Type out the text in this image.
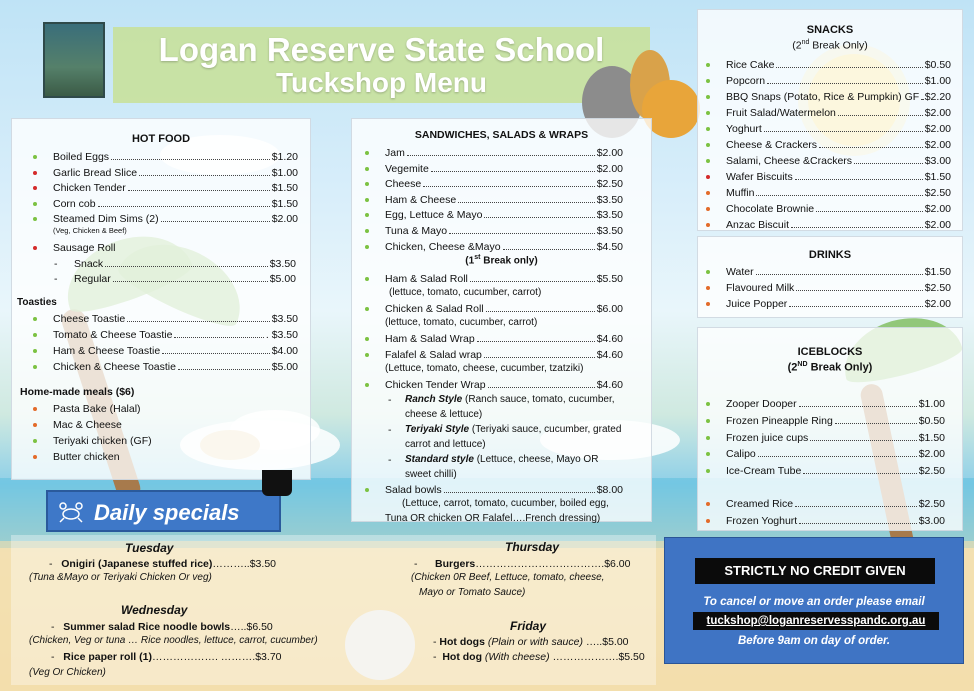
Logan Reserve State School
Tuckshop Menu
HOT FOOD
Boiled Eggs	$1.20
Garlic Bread Slice	$1.00
Chicken Tender	$1.50
Corn cob	$1.50
Steamed Dim Sims (2)	$2.00
(Veg, Chicken & Beef)
Sausage Roll
- Snack	$3.50
- Regular	$5.00
Toasties
Cheese Toastie	$3.50
Tomato & Cheese Toastie	. $3.50
Ham & Cheese Toastie	$4.00
Chicken & Cheese Toastie	$5.00
Home-made meals ($6)
Pasta Bake (Halal)
Mac & Cheese
Teriyaki chicken (GF)
Butter chicken
SANDWICHES, SALADS & WRAPS
Jam	$2.00
Vegemite	$2.00
Cheese	$2.50
Ham & Cheese	$3.50
Egg, Lettuce & Mayo	$3.50
Tuna & Mayo	$3.50
Chicken, Cheese &Mayo	$4.50
(1st Break only)
Ham & Salad Roll	$5.50
(lettuce, tomato, cucumber, carrot)
Chicken & Salad Roll	$6.00
(lettuce, tomato, cucumber, carrot)
Ham & Salad Wrap	$4.60
Falafel & Salad wrap	$4.60
(Lettuce, tomato, cheese, cucumber, tzatziki)
Chicken Tender Wrap	$4.60
- Ranch Style (Ranch sauce, tomato, cucumber,
cheese & lettuce)
- Teriyaki Style (Teriyaki sauce, cucumber, grated
carrot and lettuce)
- Standard style (Lettuce, cheese, Mayo OR
sweet chilli)
Salad bowls	$8.00
(Lettuce, carrot, tomato, cucumber, boiled egg,
Tuna OR chicken OR Falafel….French dressing)
SNACKS
(2nd Break Only)
Rice Cake	$0.50
Popcorn	$1.00
BBQ Snaps (Potato, Rice & Pumpkin) GF $2.20
Fruit Salad/Watermelon	$2.00
Yoghurt	$2.00
Cheese & Crackers	$2.00
Salami, Cheese &Crackers	$3.00
Wafer Biscuits	$1.50
Muffin	$2.50
Chocolate Brownie	$2.00
Anzac Biscuit	$2.00
DRINKS
Water	$1.50
Flavoured Milk	$2.50
Juice Popper	$2.00
ICEBLOCKS
(2ND Break Only)
Zooper Dooper	$1.00
Frozen Pineapple Ring	$0.50
Frozen juice cups	$1.50
Calipo	$2.00
Ice-Cream Tube	$2.50
Creamed Rice	$2.50
Frozen Yoghurt	$3.00
Daily specials
Tuesday
-   Onigiri (Japanese stuffed rice)………..$3.50
(Tuna &Mayo or Teriyaki Chicken Or veg)
Wednesday
-   Summer salad Rice noodle bowls…..$6.50
(Chicken, Veg or tuna … Rice noodles, lettuce, carrot, cucumber)
-   Rice paper roll (1)………………. ……….$3.70
(Veg Or Chicken)
Thursday
-      Burgers……………………………….$6.00
(Chicken 0R Beef, Lettuce, tomato, cheese,
Mayo or Tomato Sauce)
Friday
- Hot dogs (Plain or with sauce) …..$5.00
-  Hot dog (With cheese) ……………….$5.50
STRICTLY NO CREDIT GIVEN
To cancel or move an order please email
tuckshop@loganreservesspandc.org.au
Before 9am on day of order.
